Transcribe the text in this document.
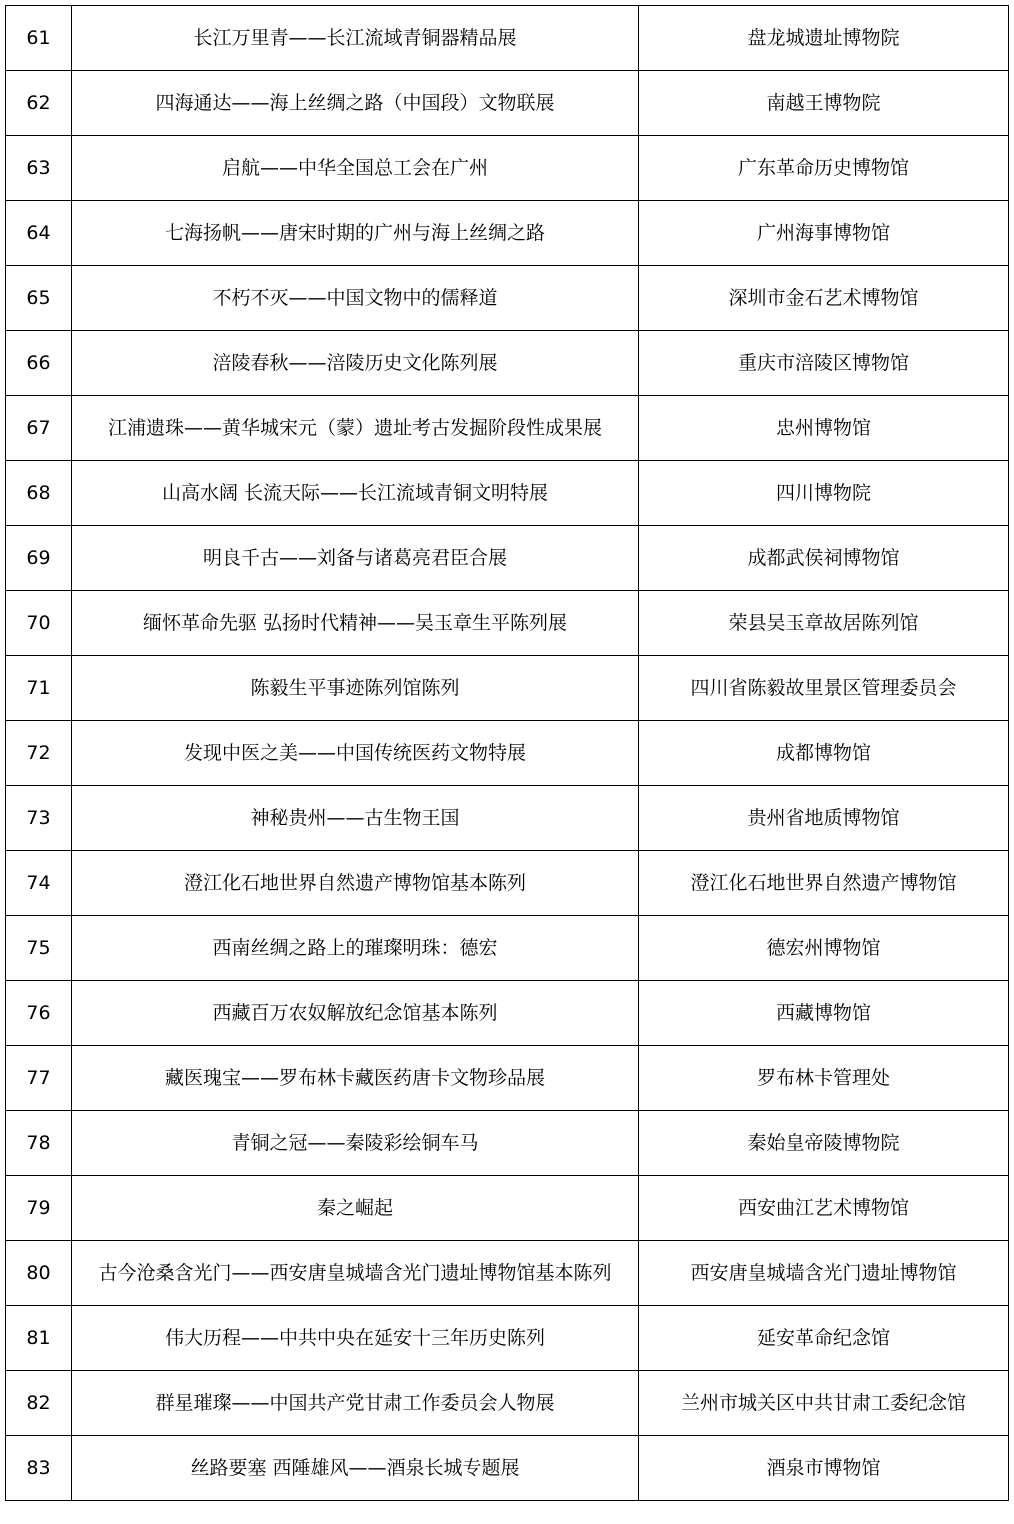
61	长江万里青——长江流域青铜器精品展	盘龙城遗址博物院
62	四海通达——海上丝绸之路（中国段）文物联展	南越王博物院
63	启航——中华全国总工会在广州	广东革命历史博物馆
64	七海扬帆——唐宋时期的广州与海上丝绸之路	广州海事博物馆
65	不朽不灭——中国文物中的儒释道	深圳市金石艺术博物馆
66	涪陵春秋——涪陵历史文化陈列展	重庆市涪陵区博物馆
67	江浦遗珠——黄华城宋元（蒙）遗址考古发掘阶段性成果展	忠州博物馆
68	山高水阔 长流天际——长江流域青铜文明特展	四川博物院
69	明良千古——刘备与诸葛亮君臣合展	成都武侯祠博物馆
70	缅怀革命先驱 弘扬时代精神——吴玉章生平陈列展	荣县吴玉章故居陈列馆
71	陈毅生平事迹陈列馆陈列	四川省陈毅故里景区管理委员会
72	发现中医之美——中国传统医药文物特展	成都博物馆
73	神秘贵州——古生物王国	贵州省地质博物馆
74	澄江化石地世界自然遗产博物馆基本陈列	澄江化石地世界自然遗产博物馆
75	西南丝绸之路上的璀璨明珠：德宏	德宏州博物馆
76	西藏百万农奴解放纪念馆基本陈列	西藏博物馆
77	藏医瑰宝——罗布林卡藏医药唐卡文物珍品展	罗布林卡管理处
78	青铜之冠——秦陵彩绘铜车马	秦始皇帝陵博物院
79	秦之崛起	西安曲江艺术博物馆
80	古今沧桑含光门——西安唐皇城墙含光门遗址博物馆基本陈列	西安唐皇城墙含光门遗址博物馆
81	伟大历程——中共中央在延安十三年历史陈列	延安革命纪念馆
82	群星璀璨——中国共产党甘肃工作委员会人物展	兰州市城关区中共甘肃工委纪念馆
83	丝路要塞 西陲雄风——酒泉长城专题展	酒泉市博物馆
